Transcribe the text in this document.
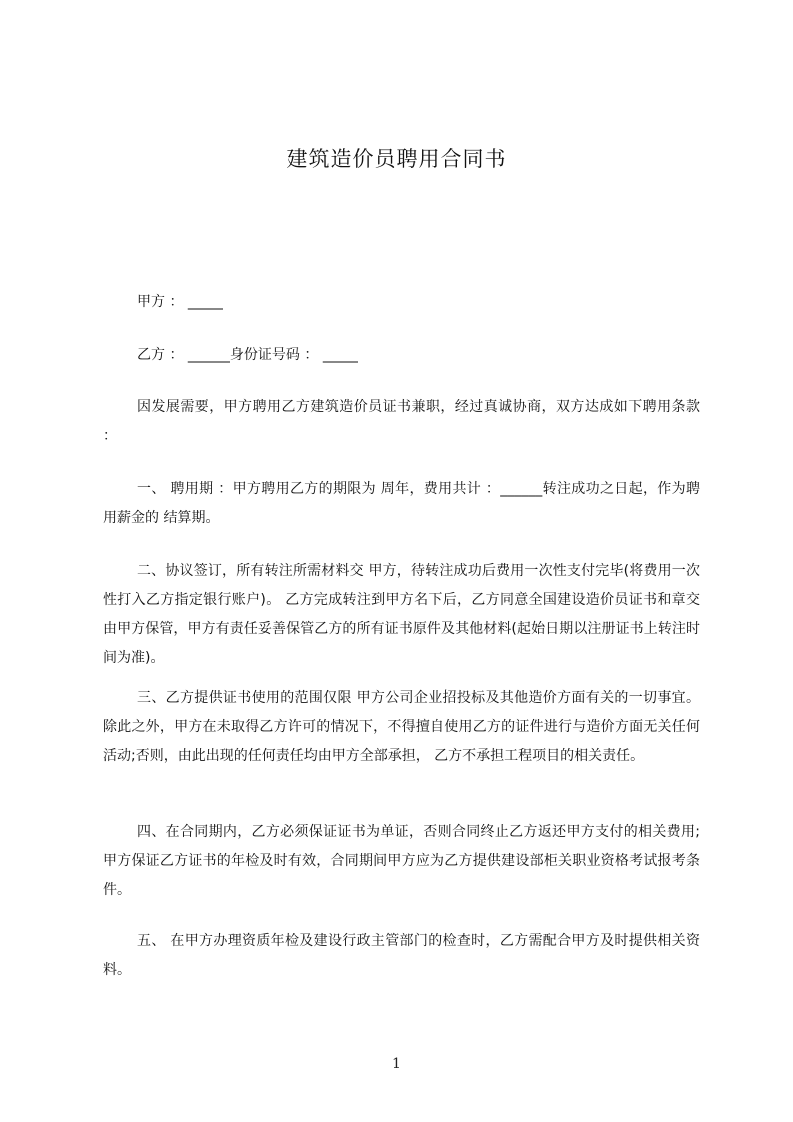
建筑造价员聘用合同书
甲方 ： _____
乙方 ： ______身份证号码 ： _____
因发展需要，甲方聘用乙方建筑造价员证书兼职，经过真诚协商，双方达成如下聘用条款 ：
一、 聘用期 ：甲方聘用乙方的期限为 周年，费用共计 ：______转注成功之日起，作为聘用薪金的 结算期。
二、协议签订，所有转注所需材料交 甲方，待转注成功后费用一次性支付完毕(将费用一次性打入乙方指定银行账户)。 乙方完成转注到甲方名下后，乙方同意全国建设造价员证书和章交由甲方保管，甲方有责任妥善保管乙方的所有证书原件及其他材料(起始日期以注册证书上转注时间为准)。
三、乙方提供证书使用的范围仅限 甲方公司企业招投标及其他造价方面有关的一切事宜。除此之外，甲方在未取得乙方许可的情况下，不得擅自使用乙方的证件进行与造价方面无关任何活动;否则，由此出现的任何责任均由甲方全部承担， 乙方不承担工程项目的相关责任。
四、在合同期内，乙方必须保证证书为单证，否则合同终止乙方返还甲方支付的相关费用;甲方保证乙方证书的年检及时有效，合同期间甲方应为乙方提供建设部柜关职业资格考试报考条件。
五、 在甲方办理资质年检及建设行政主管部门的检查时，乙方需配合甲方及时提供相关资料。
1
